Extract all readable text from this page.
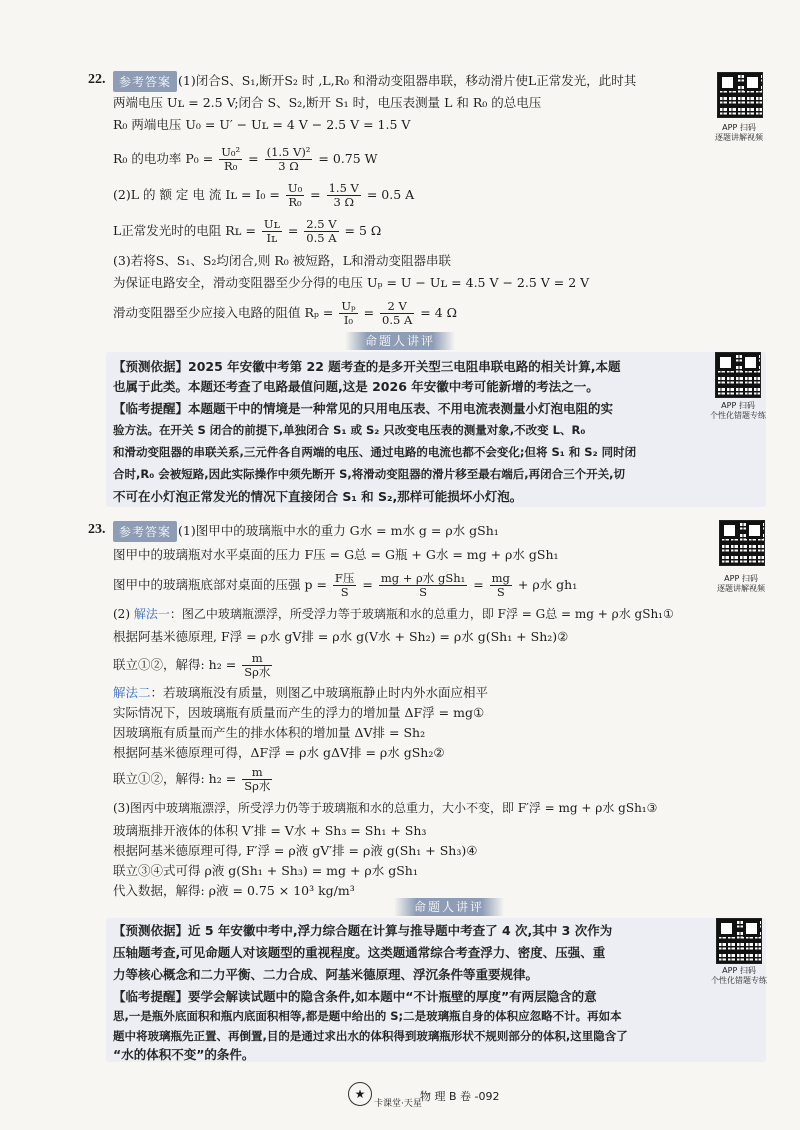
22.	参考答案 (1)闭合S、S₁,断开S₂ 时 ,L,R₀ 和滑动变阻器串联，移动滑片使L正常发光，此时其
两端电压 Uʟ = 2.5 V;闭合 S、S₂,断开 S₁ 时，电压表测量 L 和 R₀ 的总电压
R₀ 两端电压 U₀ = U′ − Uʟ = 4 V − 2.5 V = 1.5 V
R₀ 的电功率 $P_0 = \frac{\text{U₀²}}{\text{R₀}} = \frac{\text{(1.5 V)²}}{3 \Omega} = 0.75$ W
(2)L 的 额 定 电 流 Iʟ = $I_0 = \frac{\text{U₀}}{\text{R₀}} = \frac{1.5 V}{3 \Omega} = 0.5$ A
L正常发光时的电阻 Rʟ = $\frac{\text{Uʟ}}{\text{Iʟ}} = \frac{2.5 V}{0.5 A} = 5$ Ω
(3)若将S、S₁、S₂均闭合,则 R₀ 被短路，L和滑动变阻器串联
为保证电路安全，滑动变阻器至少分得的电压 Uₚ = U − Uʟ = 4.5 V − 2.5 V = 2 V
滑动变阻器至少应接入电路的阻值 $R_p = \frac{\text{Uₚ}}{\text{I₀}} = \frac{2 V}{0.5 A} = 4$ Ω
APP 扫码
逐题讲解视频
命题人讲评
【预测依据】2025 年安徽中考第 22 题考查的是多开关型三电阻串联电路的相关计算,本题
也属于此类。本题还考查了电路最值问题,这是 2026 年安徽中考可能新增的考法之一。
【临考提醒】本题题干中的情境是一种常见的只用电压表、不用电流表测量小灯泡电阻的实
验方法。在开关 S 闭合的前提下,单独闭合 S₁ 或 S₂ 只改变电压表的测量对象,不改变 L、R₀
和滑动变阻器的串联关系,三元件各自两端的电压、通过电路的电流也都不会变化;但将 S₁ 和 S₂ 同时闭
合时,R₀ 会被短路,因此实际操作中须先断开 S,将滑动变阻器的滑片移至最右端后,再闭合三个开关,切
不可在小灯泡正常发光的情况下直接闭合 S₁ 和 S₂,那样可能损坏小灯泡。
APP 扫码
个性化错题专练
23.	参考答案 (1)图甲中的玻璃瓶中水的重力 G水 = m水 g = ρ水 gSh₁
图甲中的玻璃瓶对水平桌面的压力 F压 = G总 = G瓶 + G水 = mg + ρ水 gSh₁
图甲中的玻璃瓶底部对桌面的压强 $p = \frac{\text{F压}}{S} = \frac{\text{mg + ρ水 gSh₁}}{S} = \frac{mg}{S} + \rho$水 gh₁
(2) 解法一：图乙中玻璃瓶漂浮，所受浮力等于玻璃瓶和水的总重力，即 F浮 = G总 = mg + ρ水 gSh₁①
根据阿基米德原理, F浮 = ρ水 gV排 = ρ水 g(V水 + Sh₂) = ρ水 g(Sh₁ + Sh₂)②
联立①②，解得: $h_2 = \frac{m}{\text{Sρ水}}$
解法二：若玻璃瓶没有质量，则图乙中玻璃瓶静止时内外水面应相平
实际情况下，因玻璃瓶有质量而产生的浮力的增加量 ΔF浮 = mg①
因玻璃瓶有质量而产生的排水体积的增加量 ΔV排 = Sh₂
根据阿基米德原理可得，ΔF浮 = ρ水 gΔV排 = ρ水 gSh₂②
联立①②，解得: $h_2 = \frac{m}{\text{Sρ水}}$
(3)图丙中玻璃瓶漂浮，所受浮力仍等于玻璃瓶和水的总重力，大小不变，即 F′浮 = mg + ρ水 gSh₁③
玻璃瓶排开液体的体积 V′排 = V水 + Sh₃ = Sh₁ + Sh₃
根据阿基米德原理可得, F′浮 = ρ液 gV′排 = ρ液 g(Sh₁ + Sh₃)④
联立③④式可得 ρ液 g(Sh₁ + Sh₃) = mg + ρ水 gSh₁
代入数据，解得: ρ液 = 0.75 × 10³ kg/m³
APP 扫码
逐题讲解视频
命题人讲评
【预测依据】近 5 年安徽中考中,浮力综合题在计算与推导题中考查了 4 次,其中 3 次作为
压轴题考查,可见命题人对该题型的重视程度。这类题通常综合考查浮力、密度、压强、重
力等核心概念和二力平衡、二力合成、阿基米德原理、浮沉条件等重要规律。
【临考提醒】要学会解读试题中的隐含条件,如本题中“不计瓶壁的厚度”有两层隐含的意
思,一是瓶外底面积和瓶内底面积相等,都是题中给出的 S;二是玻璃瓶自身的体积应忽略不计。再如本
题中将玻璃瓶先正置、再倒置,目的是通过求出水的体积得到玻璃瓶形状不规则部分的体积,这里隐含了
“水的体积不变”的条件。
APP 扫码
个性化错题专练
★
卡课堂·天星
物 理 B 卷 -092
